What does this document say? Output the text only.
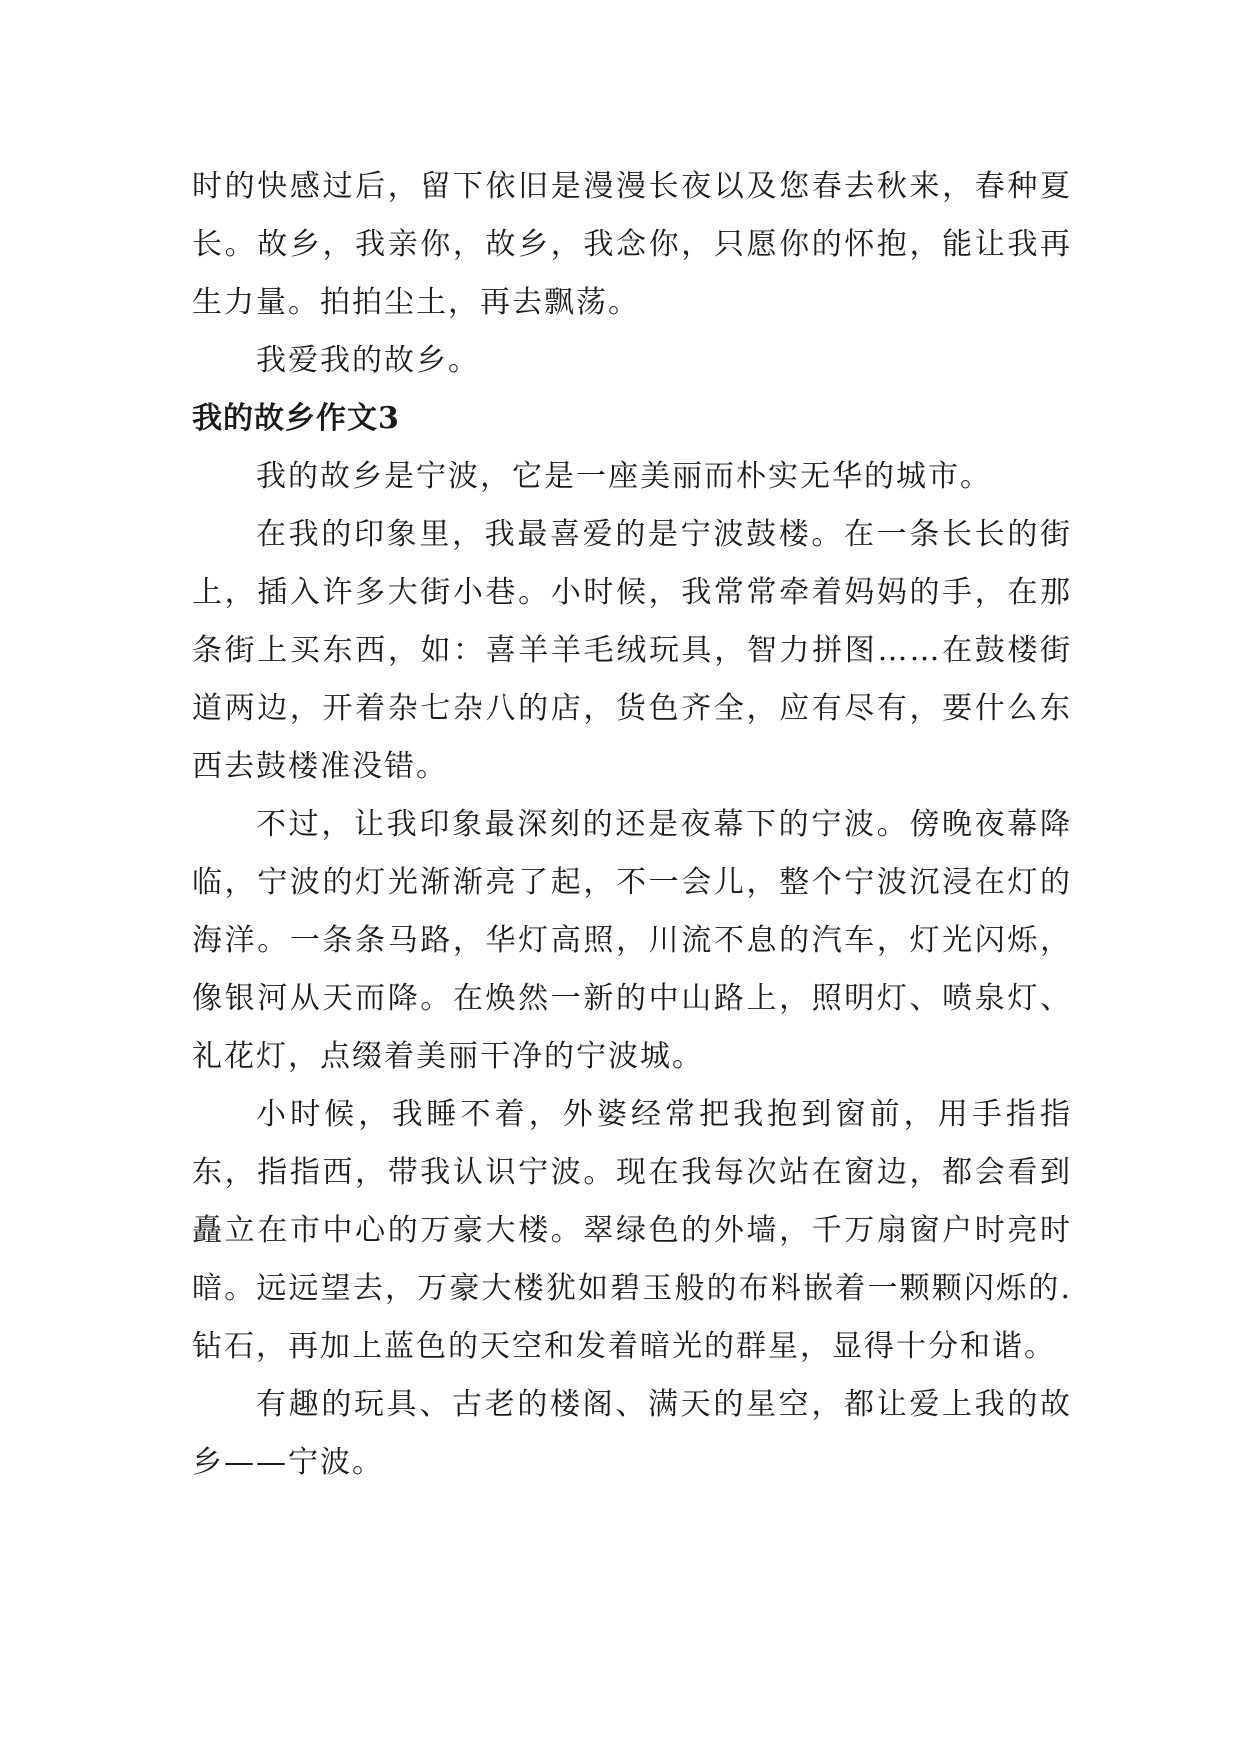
时的快感过后，留下依旧是漫漫长夜以及您春去秋来，春种夏长。故乡，我亲你，故乡，我念你，只愿你的怀抱，能让我再生力量。拍拍尘土，再去飘荡。

我爱我的故乡。

我的故乡作文3

我的故乡是宁波，它是一座美丽而朴实无华的城市。

在我的印象里，我最喜爱的是宁波鼓楼。在一条长长的街上，插入许多大街小巷。小时候，我常常牵着妈妈的手，在那条街上买东西，如：喜羊羊毛绒玩具，智力拼图……在鼓楼街道两边，开着杂七杂八的店，货色齐全，应有尽有，要什么东西去鼓楼准没错。

不过，让我印象最深刻的还是夜幕下的宁波。傍晚夜幕降临，宁波的灯光渐渐亮了起，不一会儿，整个宁波沉浸在灯的海洋。一条条马路，华灯高照，川流不息的汽车，灯光闪烁，像银河从天而降。在焕然一新的中山路上，照明灯、喷泉灯、礼花灯，点缀着美丽干净的宁波城。

小时候，我睡不着，外婆经常把我抱到窗前，用手指指东，指指西，带我认识宁波。现在我每次站在窗边，都会看到矗立在市中心的万豪大楼。翠绿色的外墙，千万扇窗户时亮时暗。远远望去，万豪大楼犹如碧玉般的布料嵌着一颗颗闪烁的.钻石，再加上蓝色的天空和发着暗光的群星，显得十分和谐。

有趣的玩具、古老的楼阁、满天的星空，都让爱上我的故乡——宁波。
